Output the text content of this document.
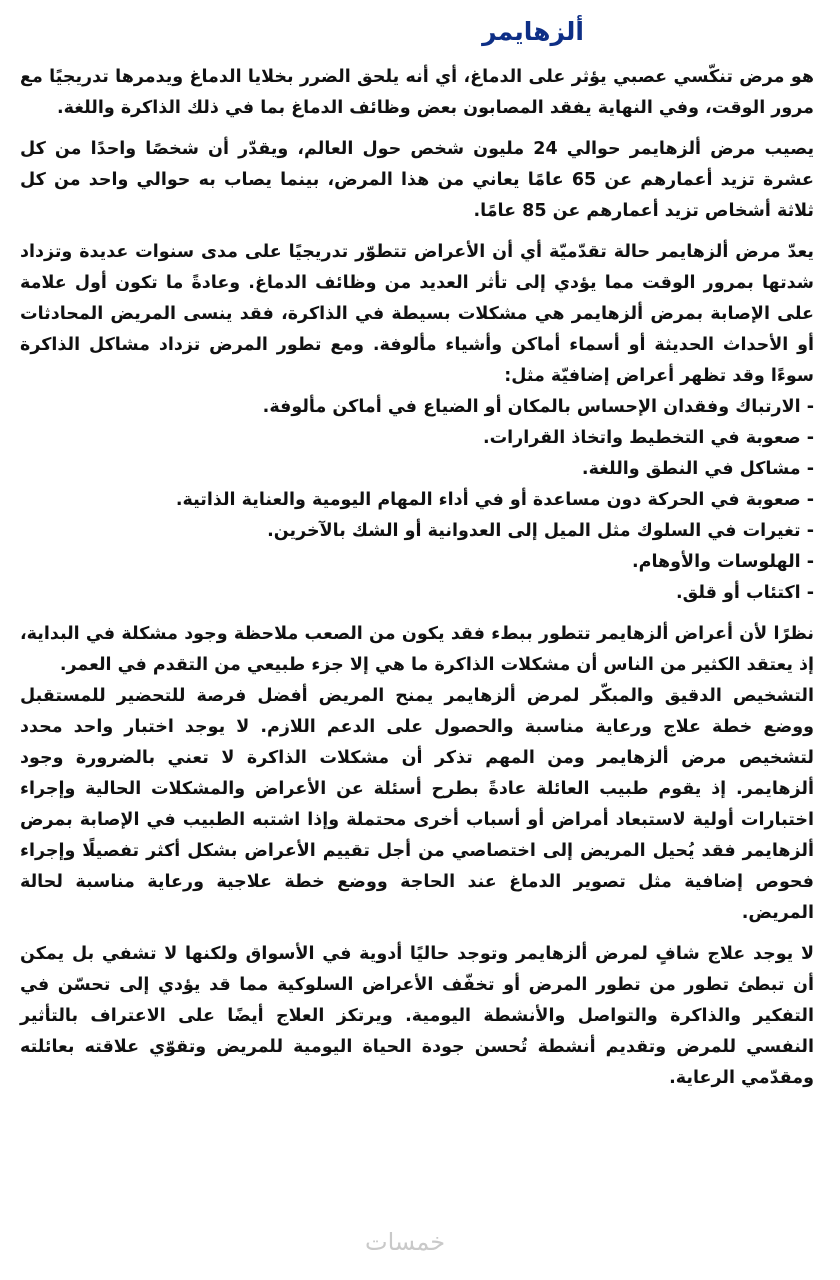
ألزهايمر

هو مرض تنكّسي عصبي يؤثر على الدماغ، أي أنه يلحق الضرر بخلايا الدماغ ويدمرها تدريجيًا مع مرور الوقت، وفي النهاية يفقد المصابون بعض وظائف الدماغ بما في ذلك الذاكرة واللغة.

يصيب مرض ألزهايمر حوالي 24 مليون شخص حول العالم، ويقدّر أن شخصًا واحدًا من كل عشرة تزيد أعمارهم عن 65 عامًا يعاني من هذا المرض، بينما يصاب به حوالي واحد من كل ثلاثة أشخاص تزيد أعمارهم عن 85 عامًا.

يعدّ مرض ألزهايمر حالة تقدّميّة أي أن الأعراض تتطوّر تدريجيًا على مدى سنوات عديدة وتزداد شدتها بمرور الوقت مما يؤدي إلى تأثر العديد من وظائف الدماغ. وعادةً ما تكون أول علامة على الإصابة بمرض ألزهايمر هي مشكلات بسيطة في الذاكرة، فقد ينسى المريض المحادثات أو الأحداث الحديثة أو أسماء أماكن وأشياء مألوفة. ومع تطور المرض تزداد مشاكل الذاكرة سوءًا وقد تظهر أعراض إضافيّة مثل:

- الارتباك وفقدان الإحساس بالمكان أو الضياع في أماكن مألوفة.
- صعوبة في التخطيط واتخاذ القرارات.
- مشاكل في النطق واللغة.
- صعوبة في الحركة دون مساعدة أو في أداء المهام اليومية والعناية الذاتية.
- تغيرات في السلوك مثل الميل إلى العدوانية أو الشك بالآخرين.
- الهلوسات والأوهام.
- اكتئاب أو قلق.

نظرًا لأن أعراض ألزهايمر تتطور ببطء فقد يكون من الصعب ملاحظة وجود مشكلة في البداية، إذ يعتقد الكثير من الناس أن مشكلات الذاكرة ما هي إلا جزء طبيعي من التقدم في العمر.

التشخيص الدقيق والمبكّر لمرض ألزهايمر يمنح المريض أفضل فرصة للتحضير للمستقبل ووضع خطة علاج ورعاية مناسبة والحصول على الدعم اللازم. لا يوجد اختبار واحد محدد لتشخيص مرض ألزهايمر ومن المهم تذكر أن مشكلات الذاكرة لا تعني بالضرورة وجود ألزهايمر. إذ يقوم طبيب العائلة عادةً بطرح أسئلة عن الأعراض والمشكلات الحالية وإجراء اختبارات أولية لاستبعاد أمراض أو أسباب أخرى محتملة وإذا اشتبه الطبيب في الإصابة بمرض ألزهايمر فقد يُحيل المريض إلى اختصاصي من أجل تقييم الأعراض بشكل أكثر تفصيلًا وإجراء فحوص إضافية مثل تصوير الدماغ عند الحاجة ووضع خطة علاجية ورعاية مناسبة لحالة المريض.

لا يوجد علاج شافٍ لمرض ألزهايمر وتوجد حاليًا أدوية في الأسواق ولكنها لا تشفي بل يمكن أن تبطئ تطور من تطور المرض أو تخفّف الأعراض السلوكية مما قد يؤدي إلى تحسّن في التفكير والذاكرة والتواصل والأنشطة اليومية. ويرتكز العلاج أيضًا على الاعتراف بالتأثير النفسي للمرض وتقديم أنشطة تُحسن جودة الحياة اليومية للمريض وتقوّي علاقته بعائلته ومقدّمي الرعاية.

خمسات
